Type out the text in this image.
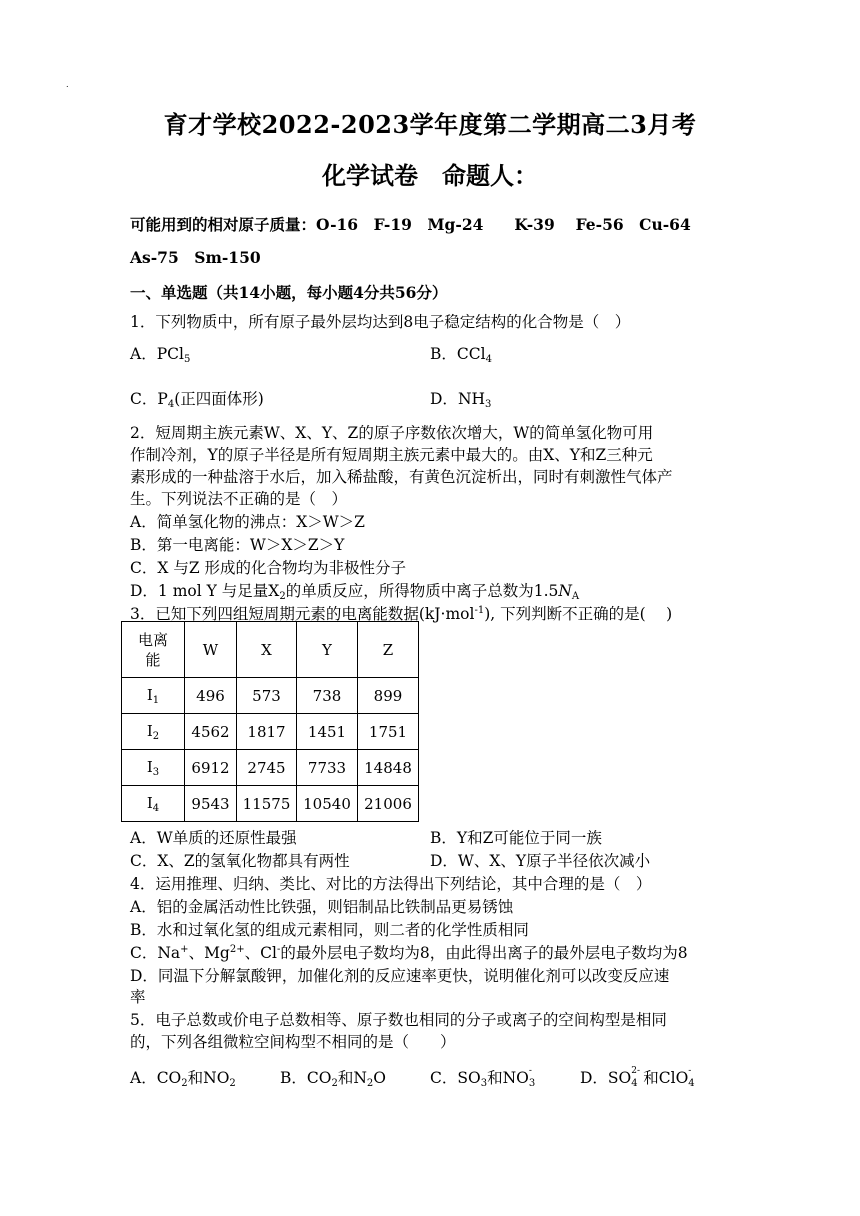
.
育才学校2022-2023学年度第二学期高二3月考
化学试卷　命题人：
可能用到的相对原子质量：O-16　F-19　Mg-24　　K-39　 Fe-56　Cu-64
As-75　Sm-150
一、单选题（共14小题，每小题4分共56分）
1．下列物质中，所有原子最外层均达到8电子稳定结构的化合物是（　）
A．PCl$_5$	B．CCl$_4$
C．$P_4$(正四面体形)	D．$NH_3$
2．短周期主族元素W、X、Y、Z的原子序数依次增大，W的简单氢化物可用
作制冷剂，Y的原子半径是所有短周期主族元素中最大的。由X、Y和Z三种元
素形成的一种盐溶于水后，加入稀盐酸，有黄色沉淀析出，同时有刺激性气体产
生。下列说法不正确的是（　）
A．简单氢化物的沸点：X＞W＞Z
B．第一电离能：W＞X＞Z＞Y
C．X 与Z 形成的化合物均为非极性分子
D．1 mol Y 与足量$X_2$的单质反应，所得物质中离子总数为$1.5N_A$
3．已知下列四组短周期元素的电离能数据(kJ·mol$^{-1}$), 下列判断不正确的是(　 )
电离
能	W	X	Y	Z
$I_1$	496	573	738	899
$I_2$	4562	1817	1451	1751
$I_3$	6912	2745	7733	14848
$I_4$	9543	11575	10540	21006
A．W单质的还原性最强	B．Y和Z可能位于同一族
C．X、Z的氢氧化物都具有两性	D．W、X、Y原子半径依次减小
4．运用推理、归纳、类比、对比的方法得出下列结论，其中合理的是（　）
A．铝的金属活动性比铁强，则铝制品比铁制品更易锈蚀
B．水和过氧化氢的组成元素相同，则二者的化学性质相同
C．Na+、$Mg^{2+}$、Cl-的最外层电子数均为8，由此得出离子的最外层电子数均为8
D．同温下分解氯酸钾，加催化剂的反应速率更快，说明催化剂可以改变反应速
率
5．电子总数或价电子总数相等、原子数也相同的分子或离子的空间构型是相同
的，下列各组微粒空间构型不相同的是（　　）
A．$CO_2$和$NO_2$	B．$CO_2$和$N_2O$	C．$SO_3$和NO -
3	D．SO 2-
4 和ClO -
4
